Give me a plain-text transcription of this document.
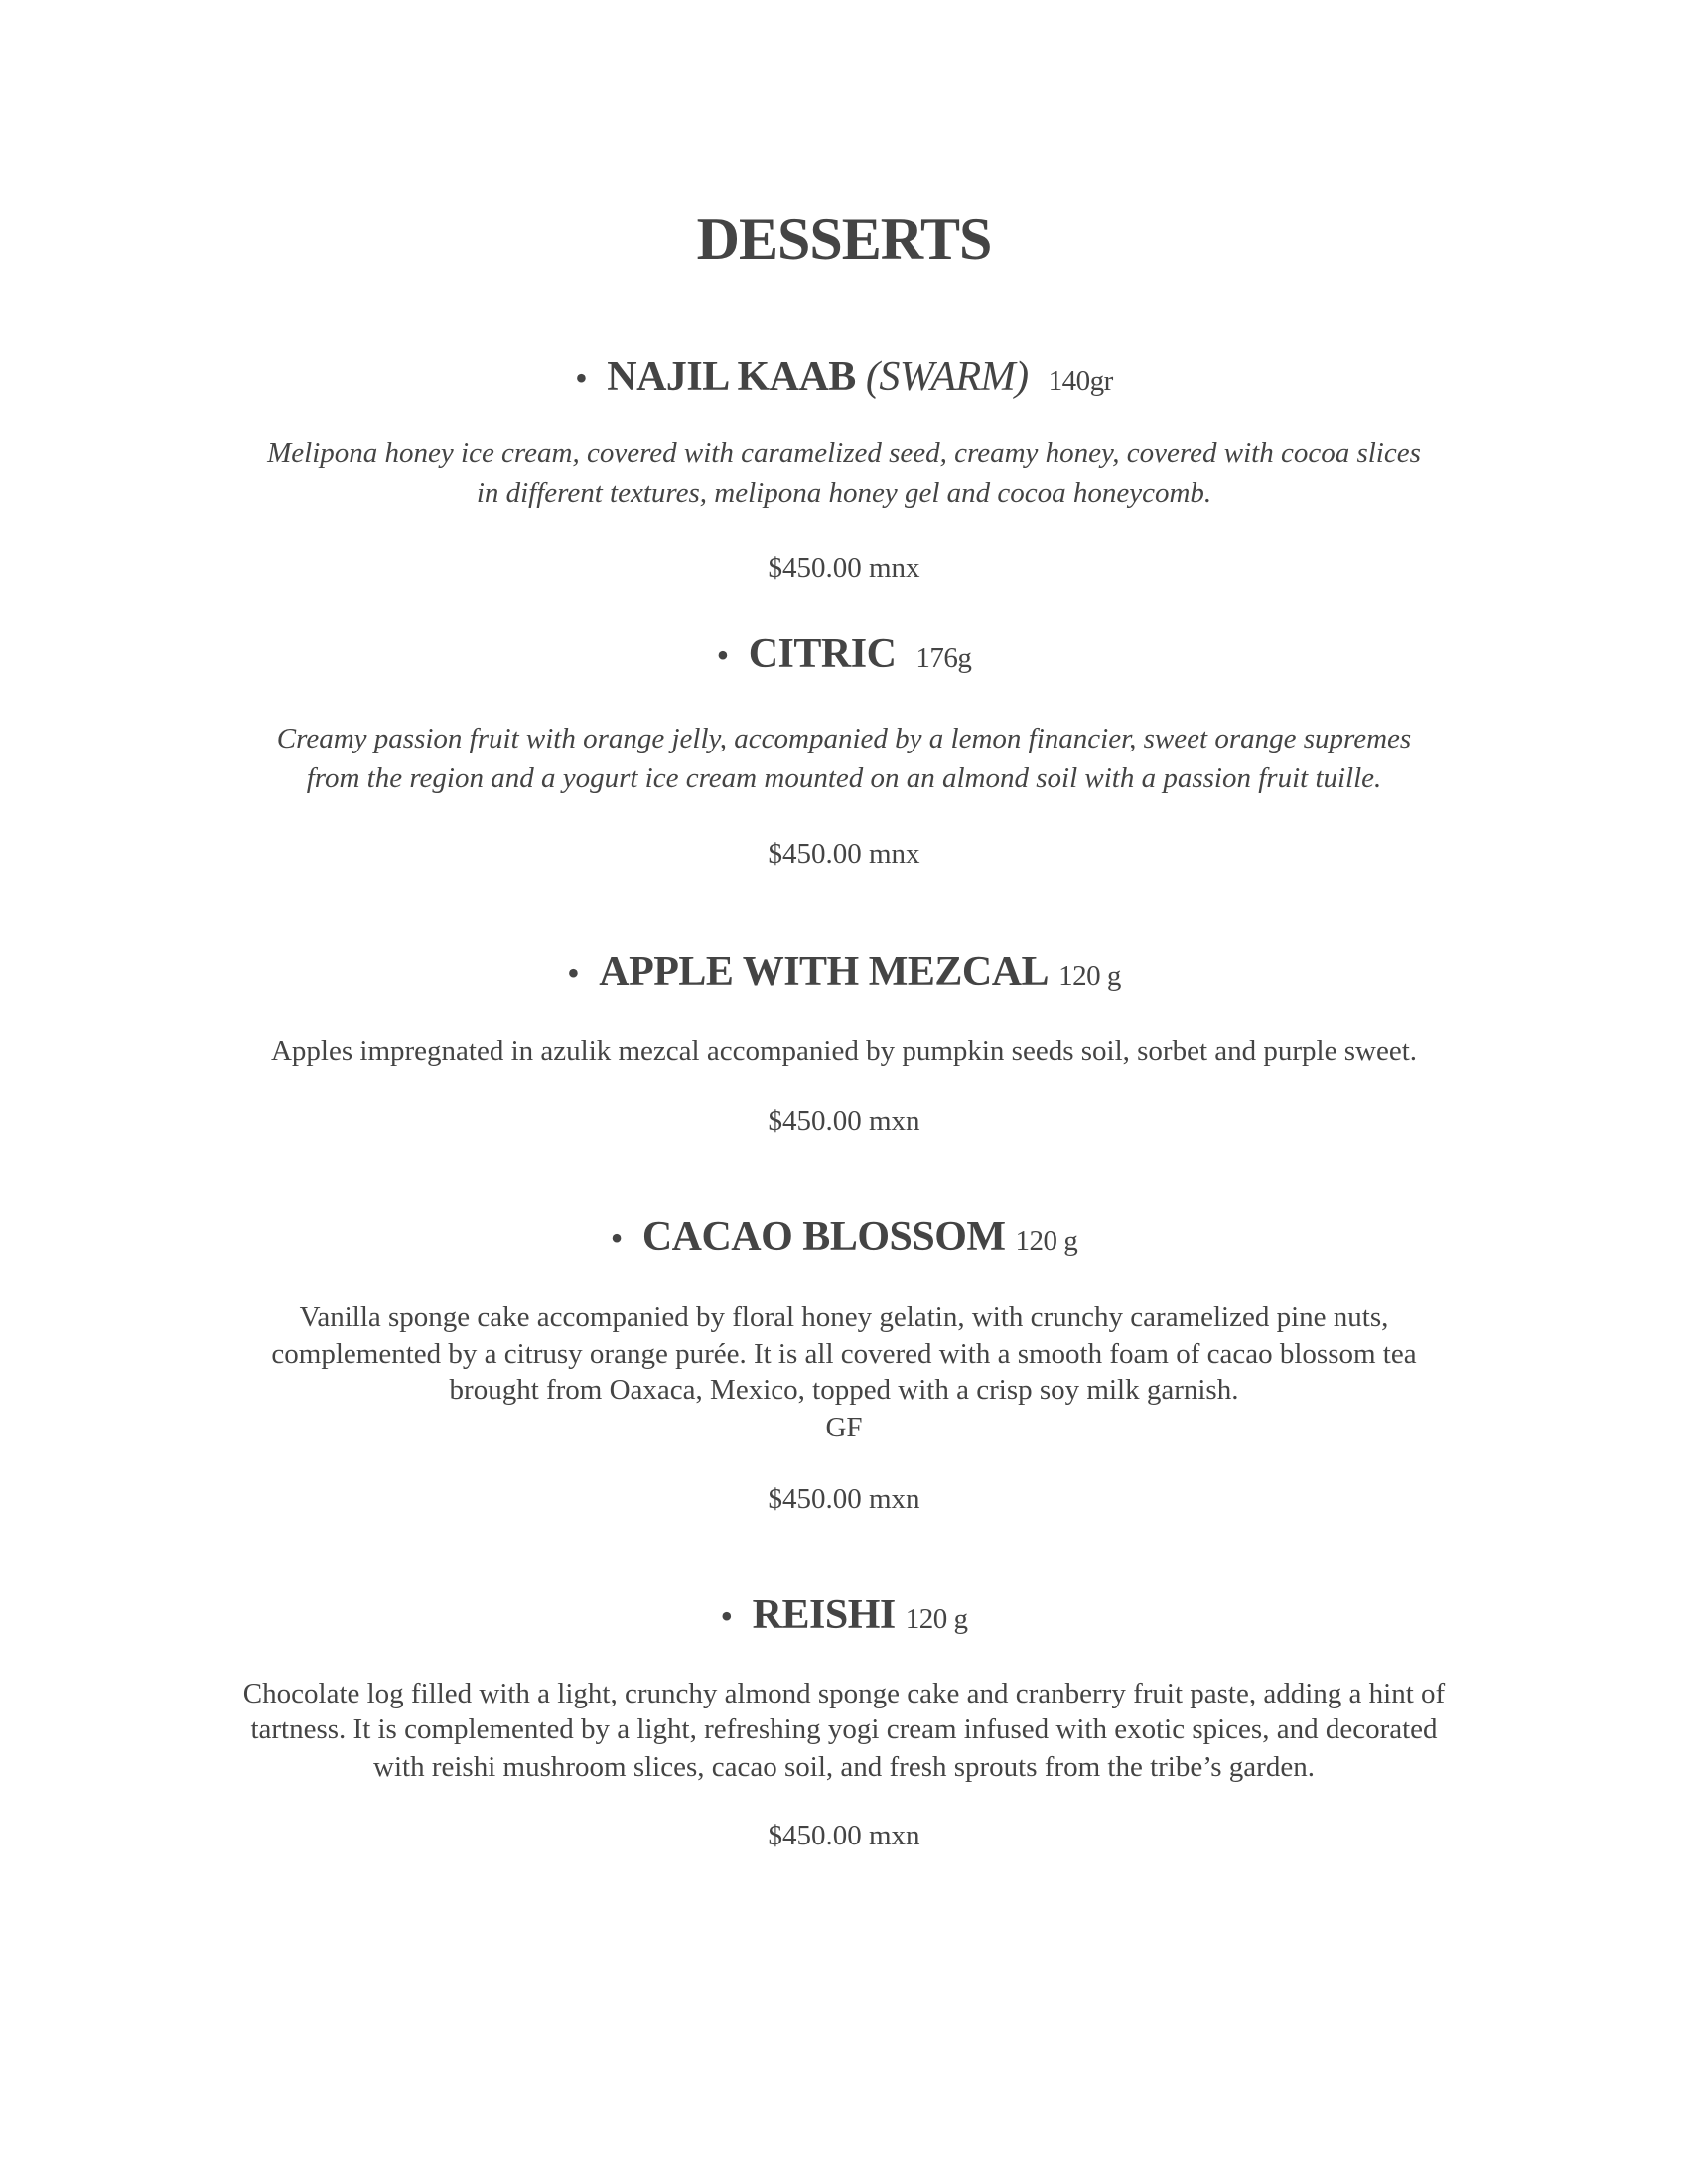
DESSERTS
• NAJIL KAAB (SWARM) 140gr
Melipona honey ice cream, covered with caramelized seed, creamy honey, covered with cocoa slices
in different textures, melipona honey gel and cocoa honeycomb.
$450.00 mnx
• CITRIC 176g
Creamy passion fruit with orange jelly, accompanied by a lemon financier, sweet orange supremes
from the region and a yogurt ice cream mounted on an almond soil with a passion fruit tuille.
$450.00 mnx
• APPLE WITH MEZCAL 120 g
Apples impregnated in azulik mezcal accompanied by pumpkin seeds soil, sorbet and purple sweet.
$450.00 mxn
• CACAO BLOSSOM 120 g
Vanilla sponge cake accompanied by floral honey gelatin, with crunchy caramelized pine nuts,
complemented by a citrusy orange purée. It is all covered with a smooth foam of cacao blossom tea
brought from Oaxaca, Mexico, topped with a crisp soy milk garnish.
GF
$450.00 mxn
• REISHI 120 g
Chocolate log filled with a light, crunchy almond sponge cake and cranberry fruit paste, adding a hint of
tartness. It is complemented by a light, refreshing yogi cream infused with exotic spices, and decorated
with reishi mushroom slices, cacao soil, and fresh sprouts from the tribe’s garden.
$450.00 mxn
